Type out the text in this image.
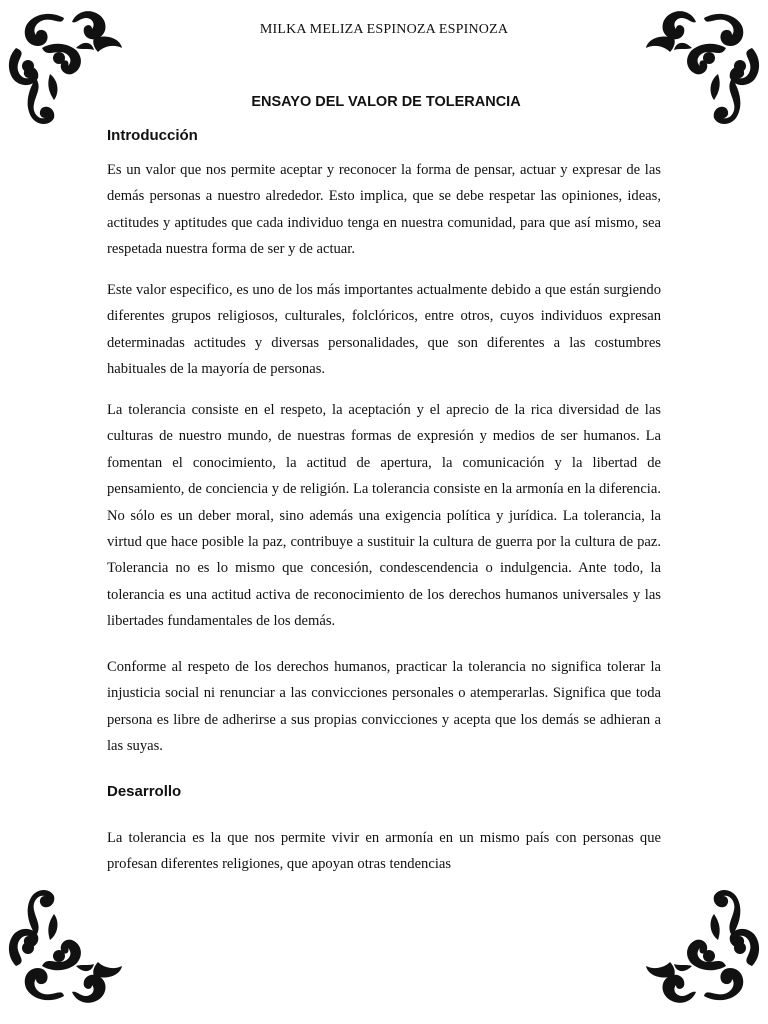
MILKA MELIZA ESPINOZA ESPINOZA
ENSAYO DEL VALOR DE TOLERANCIA
Introducción

Es un valor que nos permite aceptar y reconocer la forma de pensar, actuar y expresar de las demás personas a nuestro alrededor. Esto implica, que se debe respetar las opiniones, ideas, actitudes y aptitudes que cada individuo tenga en nuestra comunidad, para que así mismo, sea respetada nuestra forma de ser y de actuar.

Este valor especifico, es uno de los más importantes actualmente debido a que están surgiendo diferentes grupos religiosos, culturales, folclóricos, entre otros, cuyos individuos expresan determinadas actitudes y diversas personalidades, que son diferentes a las costumbres habituales de la mayoría de personas.

La tolerancia consiste en el respeto, la aceptación y el aprecio de la rica diversidad de las culturas de nuestro mundo, de nuestras formas de expresión y medios de ser humanos. La fomentan el conocimiento, la actitud de apertura, la comunicación y la libertad de pensamiento, de conciencia y de religión. La tolerancia consiste en la armonía en la diferencia. No sólo es un deber moral, sino además una exigencia política y jurídica. La tolerancia, la virtud que hace posible la paz, contribuye a sustituir la cultura de guerra por la cultura de paz. Tolerancia no es lo mismo que concesión, condescendencia o indulgencia. Ante todo, la tolerancia es una actitud activa de reconocimiento de los derechos humanos universales y las libertades fundamentales de los demás.

Conforme al respeto de los derechos humanos, practicar la tolerancia no significa tolerar la injusticia social ni renunciar a las convicciones personales o atemperarlas. Significa que toda persona es libre de adherirse a sus propias convicciones y acepta que los demás se adhieran a las suyas.

Desarrollo

La tolerancia es la que nos permite vivir en armonía en un mismo país con personas que profesan diferentes religiones, que apoyan otras tendencias
